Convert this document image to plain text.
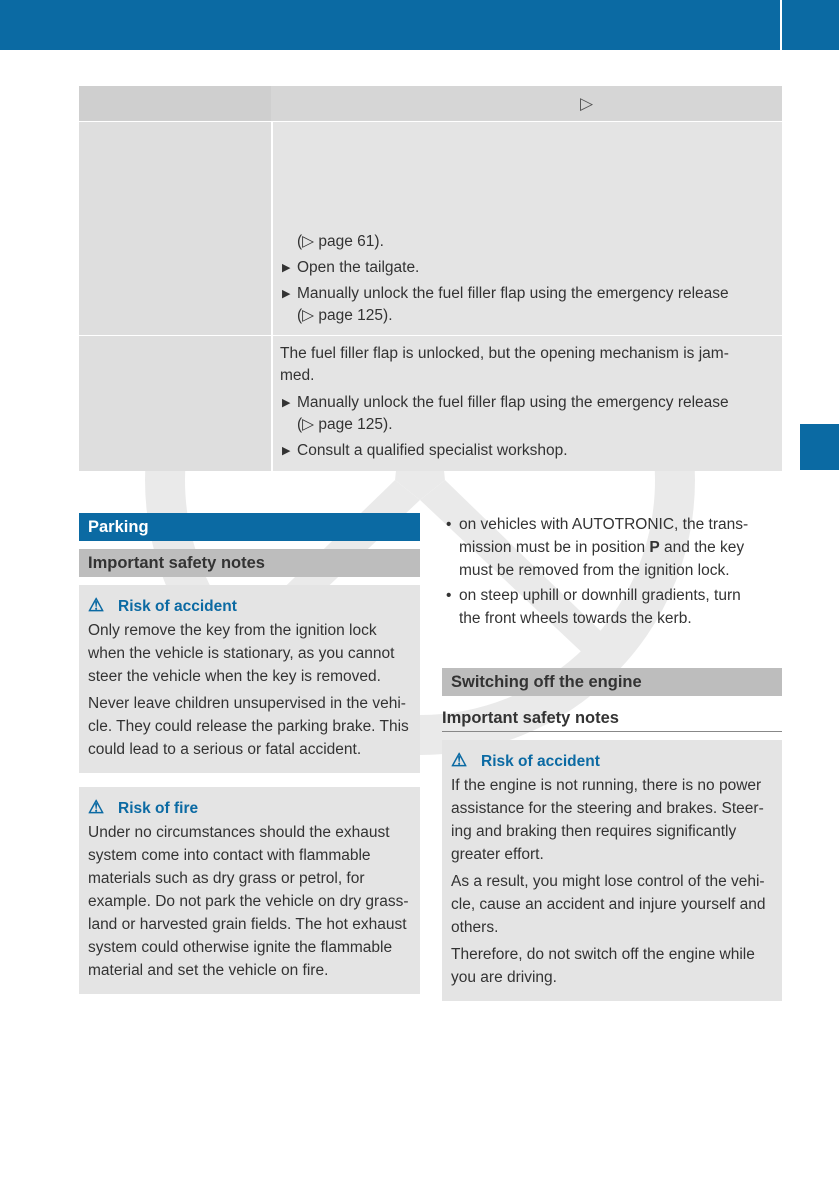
▷
(▷ page 61).
▶ Open the tailgate.
▶ Manually unlock the fuel filler flap using the emergency release
(▷ page 125).
The fuel filler flap is unlocked, but the opening mechanism is jam-
med.
▶ Manually unlock the fuel filler flap using the emergency release
(▷ page 125).
▶ Consult a qualified specialist workshop.
Parking
Important safety notes
⚠ Risk of accident

Only remove the key from the ignition lock
when the vehicle is stationary, as you cannot
steer the vehicle when the key is removed.

Never leave children unsupervised in the vehi-
cle. They could release the parking brake. This
could lead to a serious or fatal accident.

⚠ Risk of fire

Under no circumstances should the exhaust
system come into contact with flammable
materials such as dry grass or petrol, for
example. Do not park the vehicle on dry grass-
land or harvested grain fields. The hot exhaust
system could otherwise ignite the flammable
material and set the vehicle on fire.

• on vehicles with AUTOTRONIC, the trans-
mission must be in position P and the key
must be removed from the ignition lock.
• on steep uphill or downhill gradients, turn
the front wheels towards the kerb.
Switching off the engine
Important safety notes
⚠ Risk of accident

If the engine is not running, there is no power
assistance for the steering and brakes. Steer-
ing and braking then requires significantly
greater effort.

As a result, you might lose control of the vehi-
cle, cause an accident and injure yourself and
others.

Therefore, do not switch off the engine while
you are driving.
